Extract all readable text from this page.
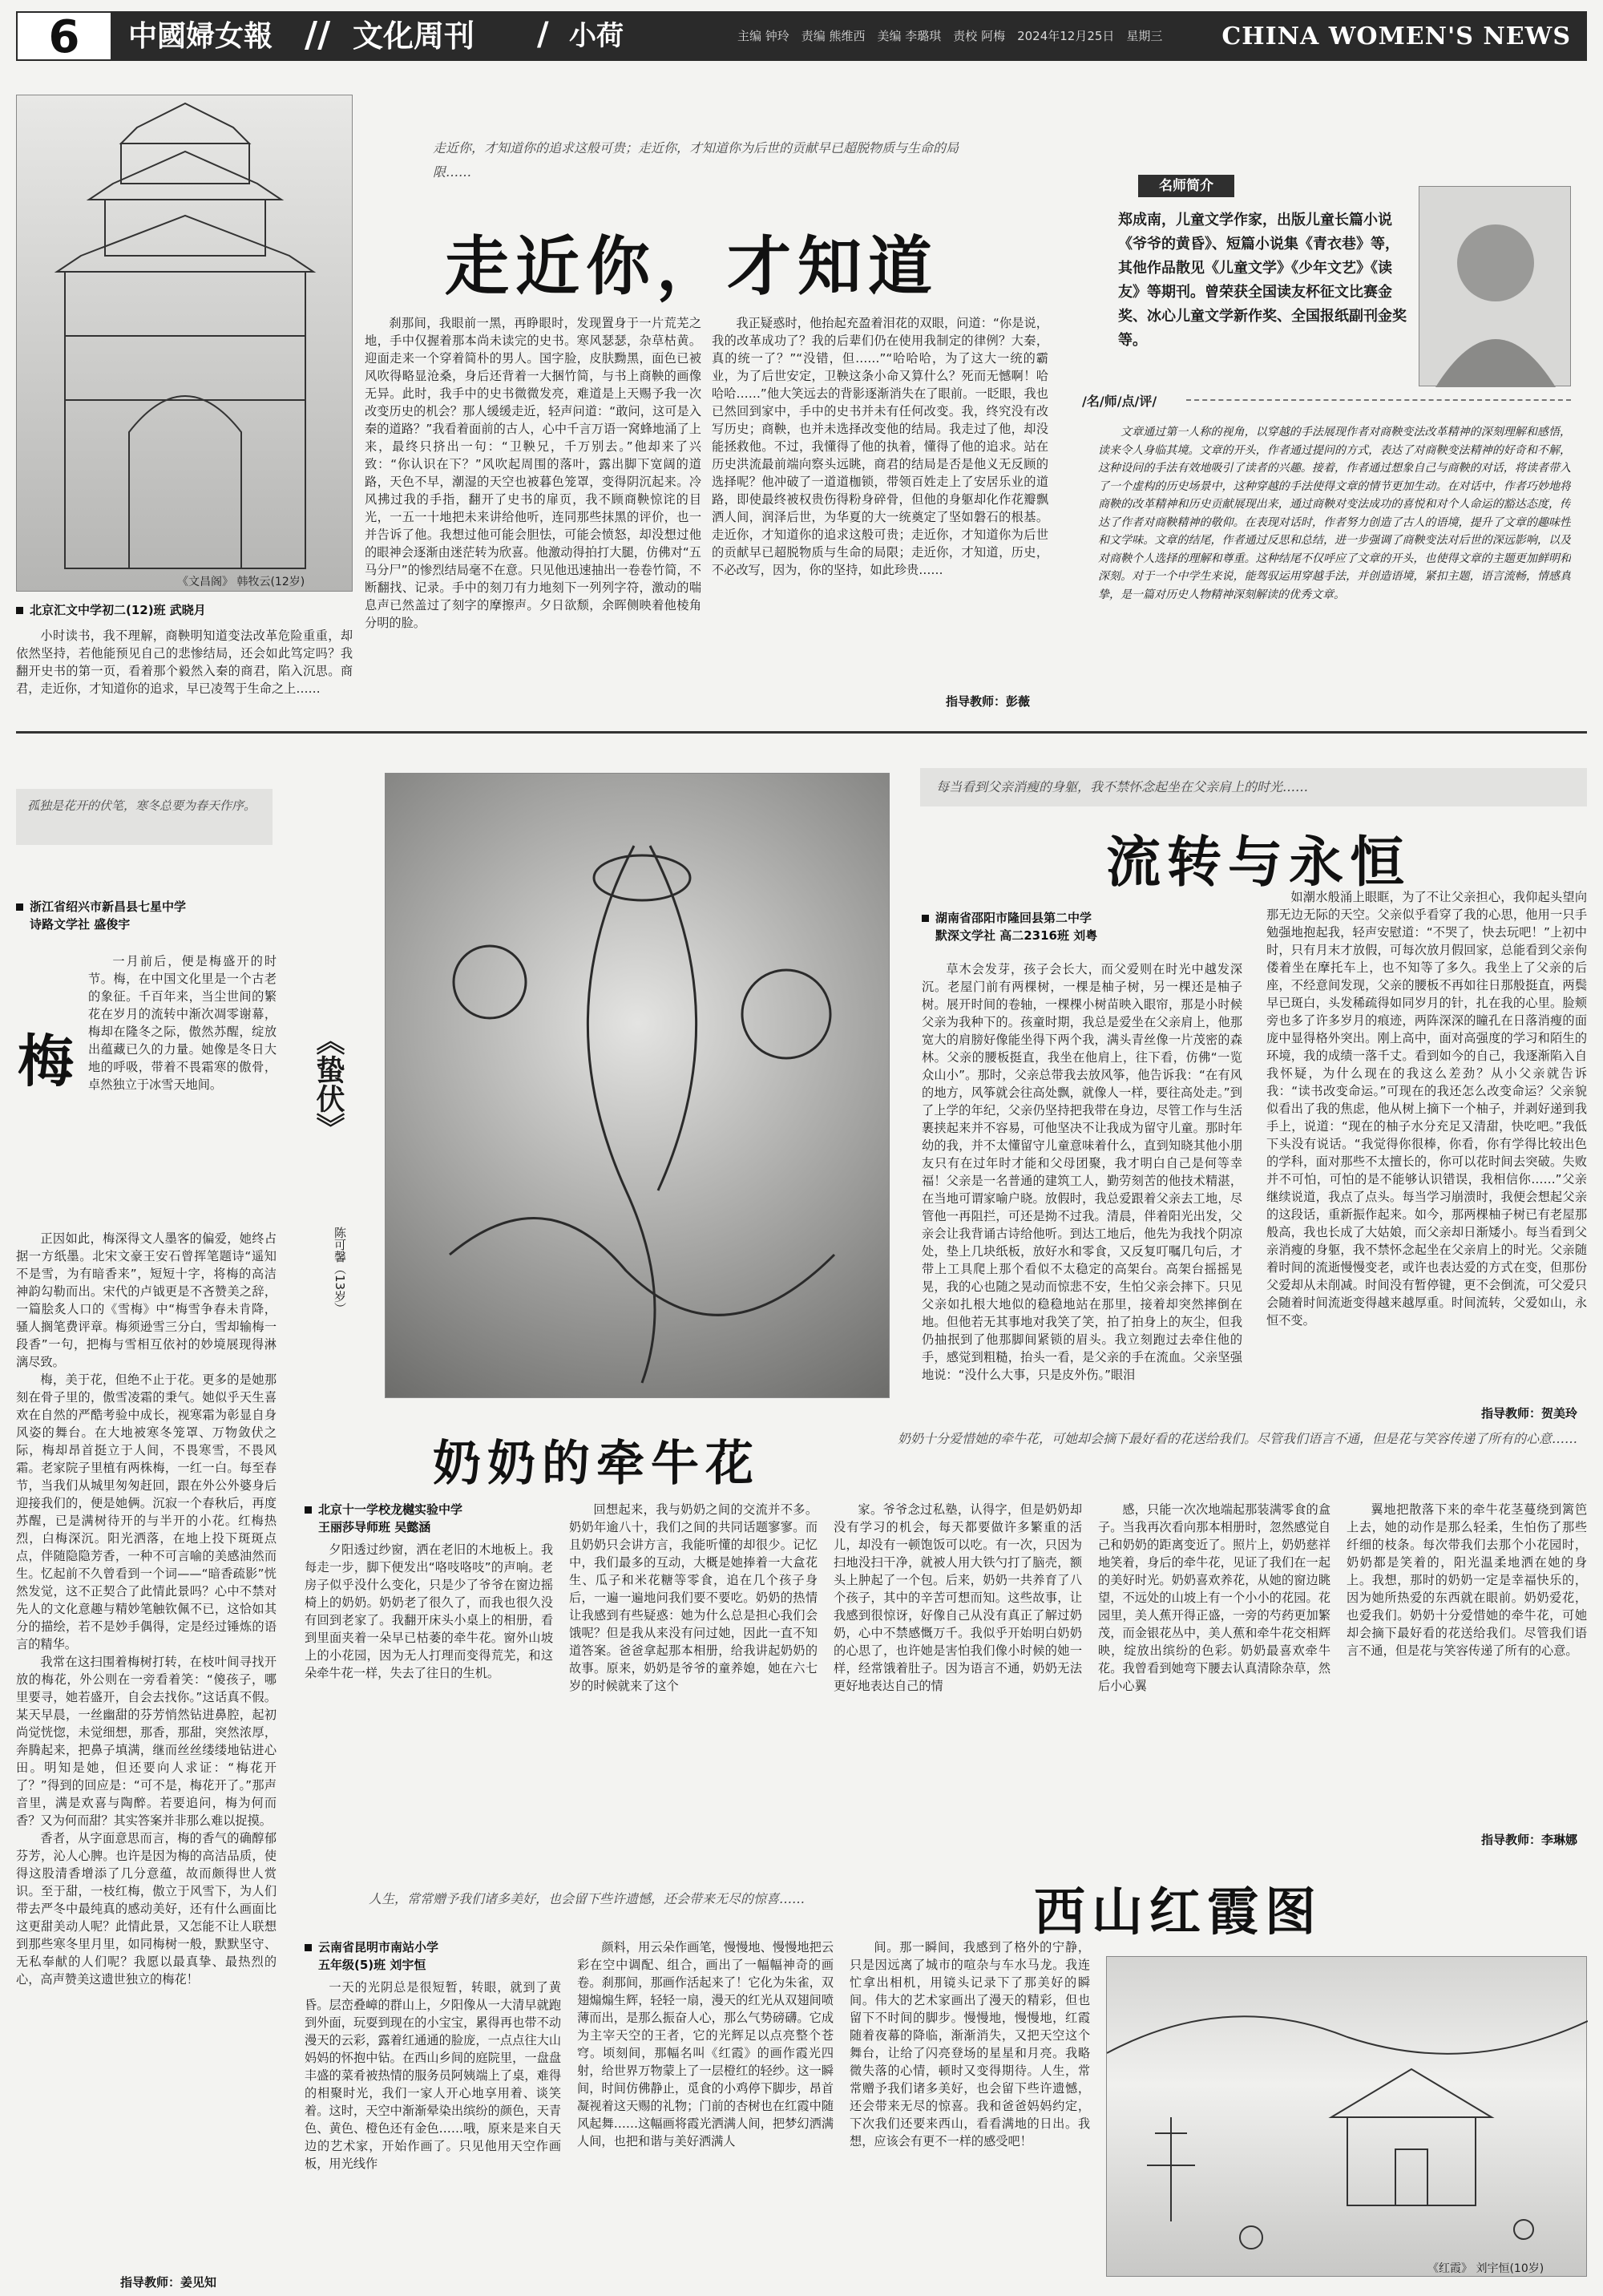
6	中國婦女報 // 文化周刊 / 小荷	主编 钟玲　责编 熊维西　美编 李璐琪　责校 阿梅　2024年12月25日　星期三 CHINA WOMEN'S NEWS
《文昌阁》 韩牧云(12岁)
北京汇文中学初二(12)班 武晓月

小时读书，我不理解，商鞅明知道变法改革危险重重，却依然坚持，若他能预见自己的悲惨结局，还会如此笃定吗？我翻开史书的第一页，看着那个毅然入秦的商君，陷入沉思。商君，走近你，才知道你的追求，早已凌驾于生命之上……

走近你，才知道你的追求这般可贵；走近你，才知道你为后世的贡献早已超脱物质与生命的局限……
走近你，才知道

刹那间，我眼前一黑，再睁眼时，发现置身于一片荒芜之地，手中仅握着那本尚未读完的史书。寒风瑟瑟，杂草枯黄。迎面走来一个穿着简朴的男人。国字脸，皮肤黝黑，面色已被风吹得略显沧桑，身后还背着一大捆竹简，与书上商鞅的画像无异。此时，我手中的史书微微发亮，难道是上天赐予我一次改变历史的机会？那人缓缓走近，轻声问道：“敢问，这可是入秦的道路？”我看着面前的古人，心中千言万语一窝蜂地涌了上来，最终只挤出一句：“卫鞅兄，千万别去。”他却来了兴致：“你认识在下？”风吹起周围的落叶，露出脚下宽阔的道路，天色不早，潮湿的天空也被暮色笼罩，变得阴沉起来。冷风拂过我的手指，翻开了史书的扉页，我不顾商鞅惊诧的目光，一五一十地把未来讲给他听，连同那些抹黑的评价，也一并告诉了他。我想过他可能会胆怯，可能会愤怒，却没想过他的眼神会逐渐由迷茫转为欣喜。他激动得拍打大腿，仿佛对“五马分尸”的惨烈结局毫不在意。只见他迅速抽出一卷卷竹简，不断翻找、记录。手中的刻刀有力地刻下一列列字符，激动的喘息声已然盖过了刻字的摩擦声。夕日欲颓，余晖侧映着他棱角分明的脸。

我正疑惑时，他抬起充盈着泪花的双眼，问道：“你是说，我的改革成功了？我的后辈们仍在使用我制定的律例？大秦，真的统一了？”“没错，但……”“哈哈哈，为了这大一统的霸业，为了后世安定，卫鞅这条小命又算什么？死而无憾啊！哈哈哈……”他大笑远去的背影逐渐消失在了眼前。一眨眼，我也已然回到家中，手中的史书并未有任何改变。我，终究没有改写历史；商鞅，也并未选择改变他的结局。我走过了他，却没能拯救他。不过，我懂得了他的执着，懂得了他的追求。站在历史洪流最前端向察头远眺，商君的结局是否是他义无反顾的选择呢？他冲破了一道道枷锁，带领百姓走上了安居乐业的道路，即使最终被权贵伤得粉身碎骨，但他的身躯却化作花瓣飘洒人间，润泽后世，为华夏的大一统奠定了坚如磐石的根基。走近你，才知道你的追求这般可贵；走近你，才知道你为后世的贡献早已超脱物质与生命的局限；走近你，才知道，历史，不必改写，因为，你的坚持，如此珍贵……

指导教师：彭薇
名师简介
郑成南，儿童文学作家，出版儿童长篇小说《爷爷的黄昏》、短篇小说集《青衣巷》等，其他作品散见《儿童文学》《少年文艺》《读友》等期刊。曾荣获全国读友杯征文比赛金奖、冰心儿童文学新作奖、全国报纸副刊金奖等。
/名/师/点/评/
文章通过第一人称的视角，以穿越的手法展现作者对商鞅变法改革精神的深刻理解和感悟，读来令人身临其境。文章的开头，作者通过提问的方式，表达了对商鞅变法精神的好奇和不解，这种设问的手法有效地吸引了读者的兴趣。接着，作者通过想象自己与商鞅的对话，将读者带入了一个虚构的历史场景中，这种穿越的手法使得文章的情节更加生动。在对话中，作者巧妙地将商鞅的改革精神和历史贡献展现出来，通过商鞅对变法成功的喜悦和对个人命运的豁达态度，传达了作者对商鞅精神的敬仰。在表现对话时，作者努力创造了古人的语境，提升了文章的趣味性和文学味。文章的结尾，作者通过反思和总结，进一步强调了商鞅变法对后世的深远影响，以及对商鞅个人选择的理解和尊重。这种结尾不仅呼应了文章的开头，也使得文章的主题更加鲜明和深刻。对于一个中学生来说，能驾驭运用穿越手法，并创造语境，紧扣主题，语言流畅，情感真挚，是一篇对历史人物精神深刻解读的优秀文章。
孤独是花开的伏笔，寒冬总要为春天作序。
浙江省绍兴市新昌县七星中学
诗路文学社 盛俊宇
梅

一月前后，便是梅盛开的时节。梅，在中国文化里是一个古老的象征。千百年来，当尘世间的繁花在岁月的流转中渐次凋零谢幕，梅却在隆冬之际，傲然苏醒，绽放出蕴藏已久的力量。她像是冬日大地的呼吸，带着不畏霜寒的傲骨，卓然独立于冰雪天地间。

正因如此，梅深得文人墨客的偏爱，她终占据一方纸墨。北宋文豪王安石曾挥笔题诗“遥知不是雪，为有暗香来”，短短十字，将梅的高洁神韵勾勒而出。宋代的卢钺更是不吝赞美之辞，一篇脍炙人口的《雪梅》中“梅雪争春未肯降，骚人搁笔费评章。梅须逊雪三分白，雪却输梅一段香”一句，把梅与雪相互依衬的妙境展现得淋漓尽致。

梅，美于花，但绝不止于花。更多的是她那刻在骨子里的，傲雪凌霜的秉气。她似乎天生喜欢在自然的严酷考验中成长，视寒霜为彰显自身风姿的舞台。在大地被寒冬笼罩、万物敛伏之际，梅却昂首挺立于人间，不畏寒雪，不畏风霜。老家院子里植有两株梅，一红一白。每至春节，当我们从城里匆匆赶回，跟在外公外婆身后迎接我们的，便是她俩。沉寂一个春秋后，再度苏醒，已是满树待开的与半开的小花。红梅热烈，白梅深沉。阳光洒落，在地上投下斑斑点点，伴随隐隐芳香，一种不可言喻的美感油然而生。忆起前不久曾看到一个词——“暗香疏影”恍然发觉，这不正契合了此情此景吗？心中不禁对先人的文化意趣与精妙笔触钦佩不已，这恰如其分的描绘，若不是妙手偶得，定是经过锤炼的语言的精华。

我常在这扫围着梅树打转，在枝叶间寻找开放的梅花，外公则在一旁看着笑：“傻孩子，哪里要寻，她若盛开，自会去找你。”这话真不假。某天早晨，一丝幽甜的芬芳悄然钻进鼻腔，起初尚觉恍惚，未觉细想，那香，那甜，突然浓厚，奔腾起来，把鼻子填满，继而丝丝缕缕地钻进心田。明知是她，但还要向人求证：“梅花开了？”得到的回应是：“可不是，梅花开了。”那声音里，满是欢喜与陶醉。若要追问，梅为何而香？又为何而甜？其实答案并非那么难以捉摸。

香者，从字面意思而言，梅的香气的确醇郁芬芳，沁人心脾。也许是因为梅的高洁品质，使得这股清香增添了几分意蕴，故而颇得世人赏识。至于甜，一枝红梅，傲立于风雪下，为人们带去严冬中最纯真的感动美好，还有什么画面比这更甜美动人呢？此情此景，又怎能不让人联想到那些寒冬里月里，如同梅树一般，默默坚守、无私奉献的人们呢？我愿以最真挚、最热烈的心，高声赞美这遗世独立的梅花！

指导教师：姜见知
《蛰伏》
陈可馨（13岁）
每当看到父亲消瘦的身躯，我不禁怀念起坐在父亲肩上的时光……
流转与永恒
湖南省邵阳市隆回县第二中学
默深文学社 高二2316班 刘粤

草木会发芽，孩子会长大，而父爱则在时光中越发深沉。老屋门前有两棵树，一棵是柚子树，另一棵还是柚子树。展开时间的卷轴，一棵棵小树苗映入眼帘，那是小时候父亲为我种下的。孩童时期，我总是爱坐在父亲肩上，他那宽大的肩膀好像能坐得下两个我，满头青丝像一片茂密的森林。父亲的腰板挺直，我坐在他肩上，往下看，仿佛“一览众山小”。那时，父亲总带我去放风筝，他告诉我：“在有风的地方，风筝就会往高处飘，就像人一样，要往高处走。”到了上学的年纪，父亲仍坚持把我带在身边，尽管工作与生活裹挟起来并不容易，可他坚决不让我成为留守儿童。那时年幼的我，并不太懂留守儿童意味着什么，直到知晓其他小朋友只有在过年时才能和父母团聚，我才明白自己是何等幸福！父亲是一名普通的建筑工人，勤劳刻苦的他技术精湛，在当地可谓家喻户晓。放假时，我总爱跟着父亲去工地，尽管他一再阻拦，可还是拗不过我。清晨，伴着阳光出发，父亲会让我背诵古诗给他听。到达工地后，他先为我找个阴凉处，垫上几块纸板，放好水和零食，又反复叮嘱几句后，才带上工具爬上那个看似不太稳定的高架台。高架台摇摇晃晃，我的心也随之晃动而惊悲不安，生怕父亲会摔下。只见父亲如扎根大地似的稳稳地站在那里，接着却突然摔倒在地。但他若无其事地对我笑了笑，拍了拍身上的灰尘，但我仍抽抿到了他那脚间紧锁的眉头。我立刻跑过去牵住他的手，感觉到粗糙，抬头一看，是父亲的手在流血。父亲坚强地说：“没什么大事，只是皮外伤。”眼泪

如潮水般涌上眼眶，为了不让父亲担心，我仰起头望向那无边无际的天空。父亲似乎看穿了我的心思，他用一只手勉强地抱起我，轻声安慰道：“不哭了，快去玩吧！”上初中时，只有月末才放假，可每次放月假回家，总能看到父亲佝偻着坐在摩托车上，也不知等了多久。我坐上了父亲的后座，不经意间发现，父亲的腰板不再如往日那般挺直，两鬓早已斑白，头发稀疏得如同岁月的针，扎在我的心里。脸颊旁也多了许多岁月的痕迹，两阵深深的瞳孔在日落消瘦的面庞中显得格外突出。刚上高中，面对高强度的学习和陌生的环境，我的成绩一落千丈。看到如今的自己，我逐渐陷入自我怀疑，为什么现在的我这么差劲？从小父亲就告诉我：“读书改变命运。”可现在的我还怎么改变命运？父亲貌似看出了我的焦虑，他从树上摘下一个柚子，并剥好递到我手上，说道：“现在的柚子水分充足又清甜，快吃吧。”我低下头没有说话。“我觉得你很棒，你看，你有学得比较出色的学科，面对那些不太擅长的，你可以花时间去突破。失败并不可怕，可怕的是不能够认识错误，我相信你……”父亲继续说道，我点了点头。每当学习崩溃时，我便会想起父亲的这段话，重新振作起来。如今，那两棵柚子树已有老屋那般高，我也长成了大姑娘，而父亲却日渐矮小。每当看到父亲消瘦的身躯，我不禁怀念起坐在父亲肩上的时光。父亲随着时间的流逝慢慢变老，或许也表达爱的方式在变，但那份父爱却从未削减。时间没有暂停键，更不会倒流，可父爱只会随着时间流逝变得越来越厚重。时间流转，父爱如山，永恒不变。

指导教师：贺美玲
奶奶的牵牛花	奶奶十分爱惜她的牵牛花，可她却会摘下最好看的花送给我们。尽管我们语言不通，但是花与笑容传递了所有的心意……
北京十一学校龙樾实验中学
王丽莎导师班 吴懿涵

夕阳透过纱窗，洒在老旧的木地板上。我每走一步，脚下便发出“咯吱咯吱”的声响。老房子似乎没什么变化，只是少了爷爷在窗边摇椅上的奶奶。奶奶老了很久了，而我也很久没有回到老家了。我翻开床头小桌上的相册，看到里面夹着一朵早已枯萎的牵牛花。窗外山坡上的小花园，因为无人打理而变得荒芜，和这朵牵牛花一样，失去了往日的生机。

回想起来，我与奶奶之间的交流并不多。奶奶年逾八十，我们之间的共同话题寥寥。而且奶奶只会讲方言，我能听懂的却很少。记忆中，我们最多的互动，大概是她捧着一大盒花生、瓜子和米花糖等零食，追在几个孩子身后，一遍一遍地问我们要不要吃。奶奶的热情让我感到有些疑惑：她为什么总是担心我们会饿呢？但是我从来没有问过她，因此一直不知道答案。爸爸拿起那本相册，给我讲起奶奶的故事。原来，奶奶是爷爷的童养媳，她在六七岁的时候就来了这个

家。爷爷念过私塾，认得字，但是奶奶却没有学习的机会，每天都要做许多繁重的活儿，却没有一顿饱饭可以吃。有一次，只因为扫地没扫干净，就被人用大铁勺打了脑壳，额头上肿起了一个包。后来，奶奶一共养育了八个孩子，其中的辛苦可想而知。这些故事，让我感到很惊讶，好像自己从没有真正了解过奶奶，心中不禁感慨万千。我似乎开始明白奶奶的心思了，也许她是害怕我们像小时候的她一样，经常饿着肚子。因为语言不通，奶奶无法更好地表达自己的情

感，只能一次次地端起那装满零食的盒子。当我再次看向那本相册时，忽然感觉自己和奶奶的距离变近了。照片上，奶奶慈祥地笑着，身后的牵牛花，见证了我们在一起的美好时光。奶奶喜欢养花，从她的窗边眺望，不远处的山坡上有一个小小的花园。花园里，美人蕉开得正盛，一旁的芍药更加繁茂，而金银花丛中，美人蕉和牵牛花交相辉映，绽放出缤纷的色彩。奶奶最喜欢牵牛花。我曾看到她弯下腰去认真清除杂草，然后小心翼

翼地把散落下来的牵牛花茎蔓绕到篱笆上去，她的动作是那么轻柔，生怕伤了那些纤细的枝条。每次带我们去那个小花园时，奶奶都是笑着的，阳光温柔地洒在她的身上。我想，那时的奶奶一定是幸福快乐的，因为她所热爱的东西就在眼前。奶奶爱花，也爱我们。奶奶十分爱惜她的牵牛花，可她却会摘下最好看的花送给我们。尽管我们语言不通，但是花与笑容传递了所有的心意。

指导教师：李琳娜
人生，常常赠予我们诸多美好，也会留下些许遗憾，还会带来无尽的惊喜……	西山红霞图
云南省昆明市南站小学
五年级(5)班 刘宇恒

一天的光阴总是很短暂，转眼，就到了黄昏。层峦叠嶂的群山上，夕阳像从一大清早就跑到外面，玩耍到现在的小宝宝，累得再也带不动漫天的云彩，露着红通通的脸庞，一点点往大山妈妈的怀抱中钻。在西山乡间的庭院里，一盘盘丰盛的菜肴被热情的服务员阿姨端上了桌，难得的相聚时光，我们一家人开心地享用着、谈笑着。这时，天空中渐渐晕染出缤纷的颜色，天青色、黄色、橙色还有金色……哦，原来是来自天边的艺术家，开始作画了。只见他用天空作画板，用光线作

颜料，用云朵作画笔，慢慢地、慢慢地把云彩在空中调配、组合，画出了一幅幅神奇的画卷。刹那间，那画作活起来了！它化为朱雀，双翅煽煽生辉，轻轻一扇，漫天的红光从双翅间喷薄而出，是那么振奋人心，那么气势磅礴。它成为主宰天空的王者，它的光辉足以点亮整个苍穹。顷刻间，那幅名叫《红霞》的画作霞光四射，给世界万物蒙上了一层橙红的轻纱。这一瞬间，时间仿佛静止，觅食的小鸡停下脚步，昂首凝视着这天赐的礼物；门前的杏树也在红霞中随风起舞……这幅画将霞光洒满人间，把梦幻洒满人间，也把和谐与美好洒满人

间。那一瞬间，我感到了格外的宁静，只是因远离了城市的喧杂与车水马龙。我连忙拿出相机，用镜头记录下了那美好的瞬间。伟大的艺术家画出了漫天的精彩，但也留下不时间的脚步。慢慢地，慢慢地，红霞随着夜幕的降临，渐渐消失，又把天空这个舞台，让给了闪亮登场的星星和月亮。我略微失落的心情，顿时又变得期待。人生，常常赠予我们诸多美好，也会留下些许遗憾，还会带来无尽的惊喜。我和爸爸妈妈约定，下次我们还要来西山，看看满地的日出。我想，应该会有更不一样的感受吧！

《红霞》 刘宇恒(10岁)
